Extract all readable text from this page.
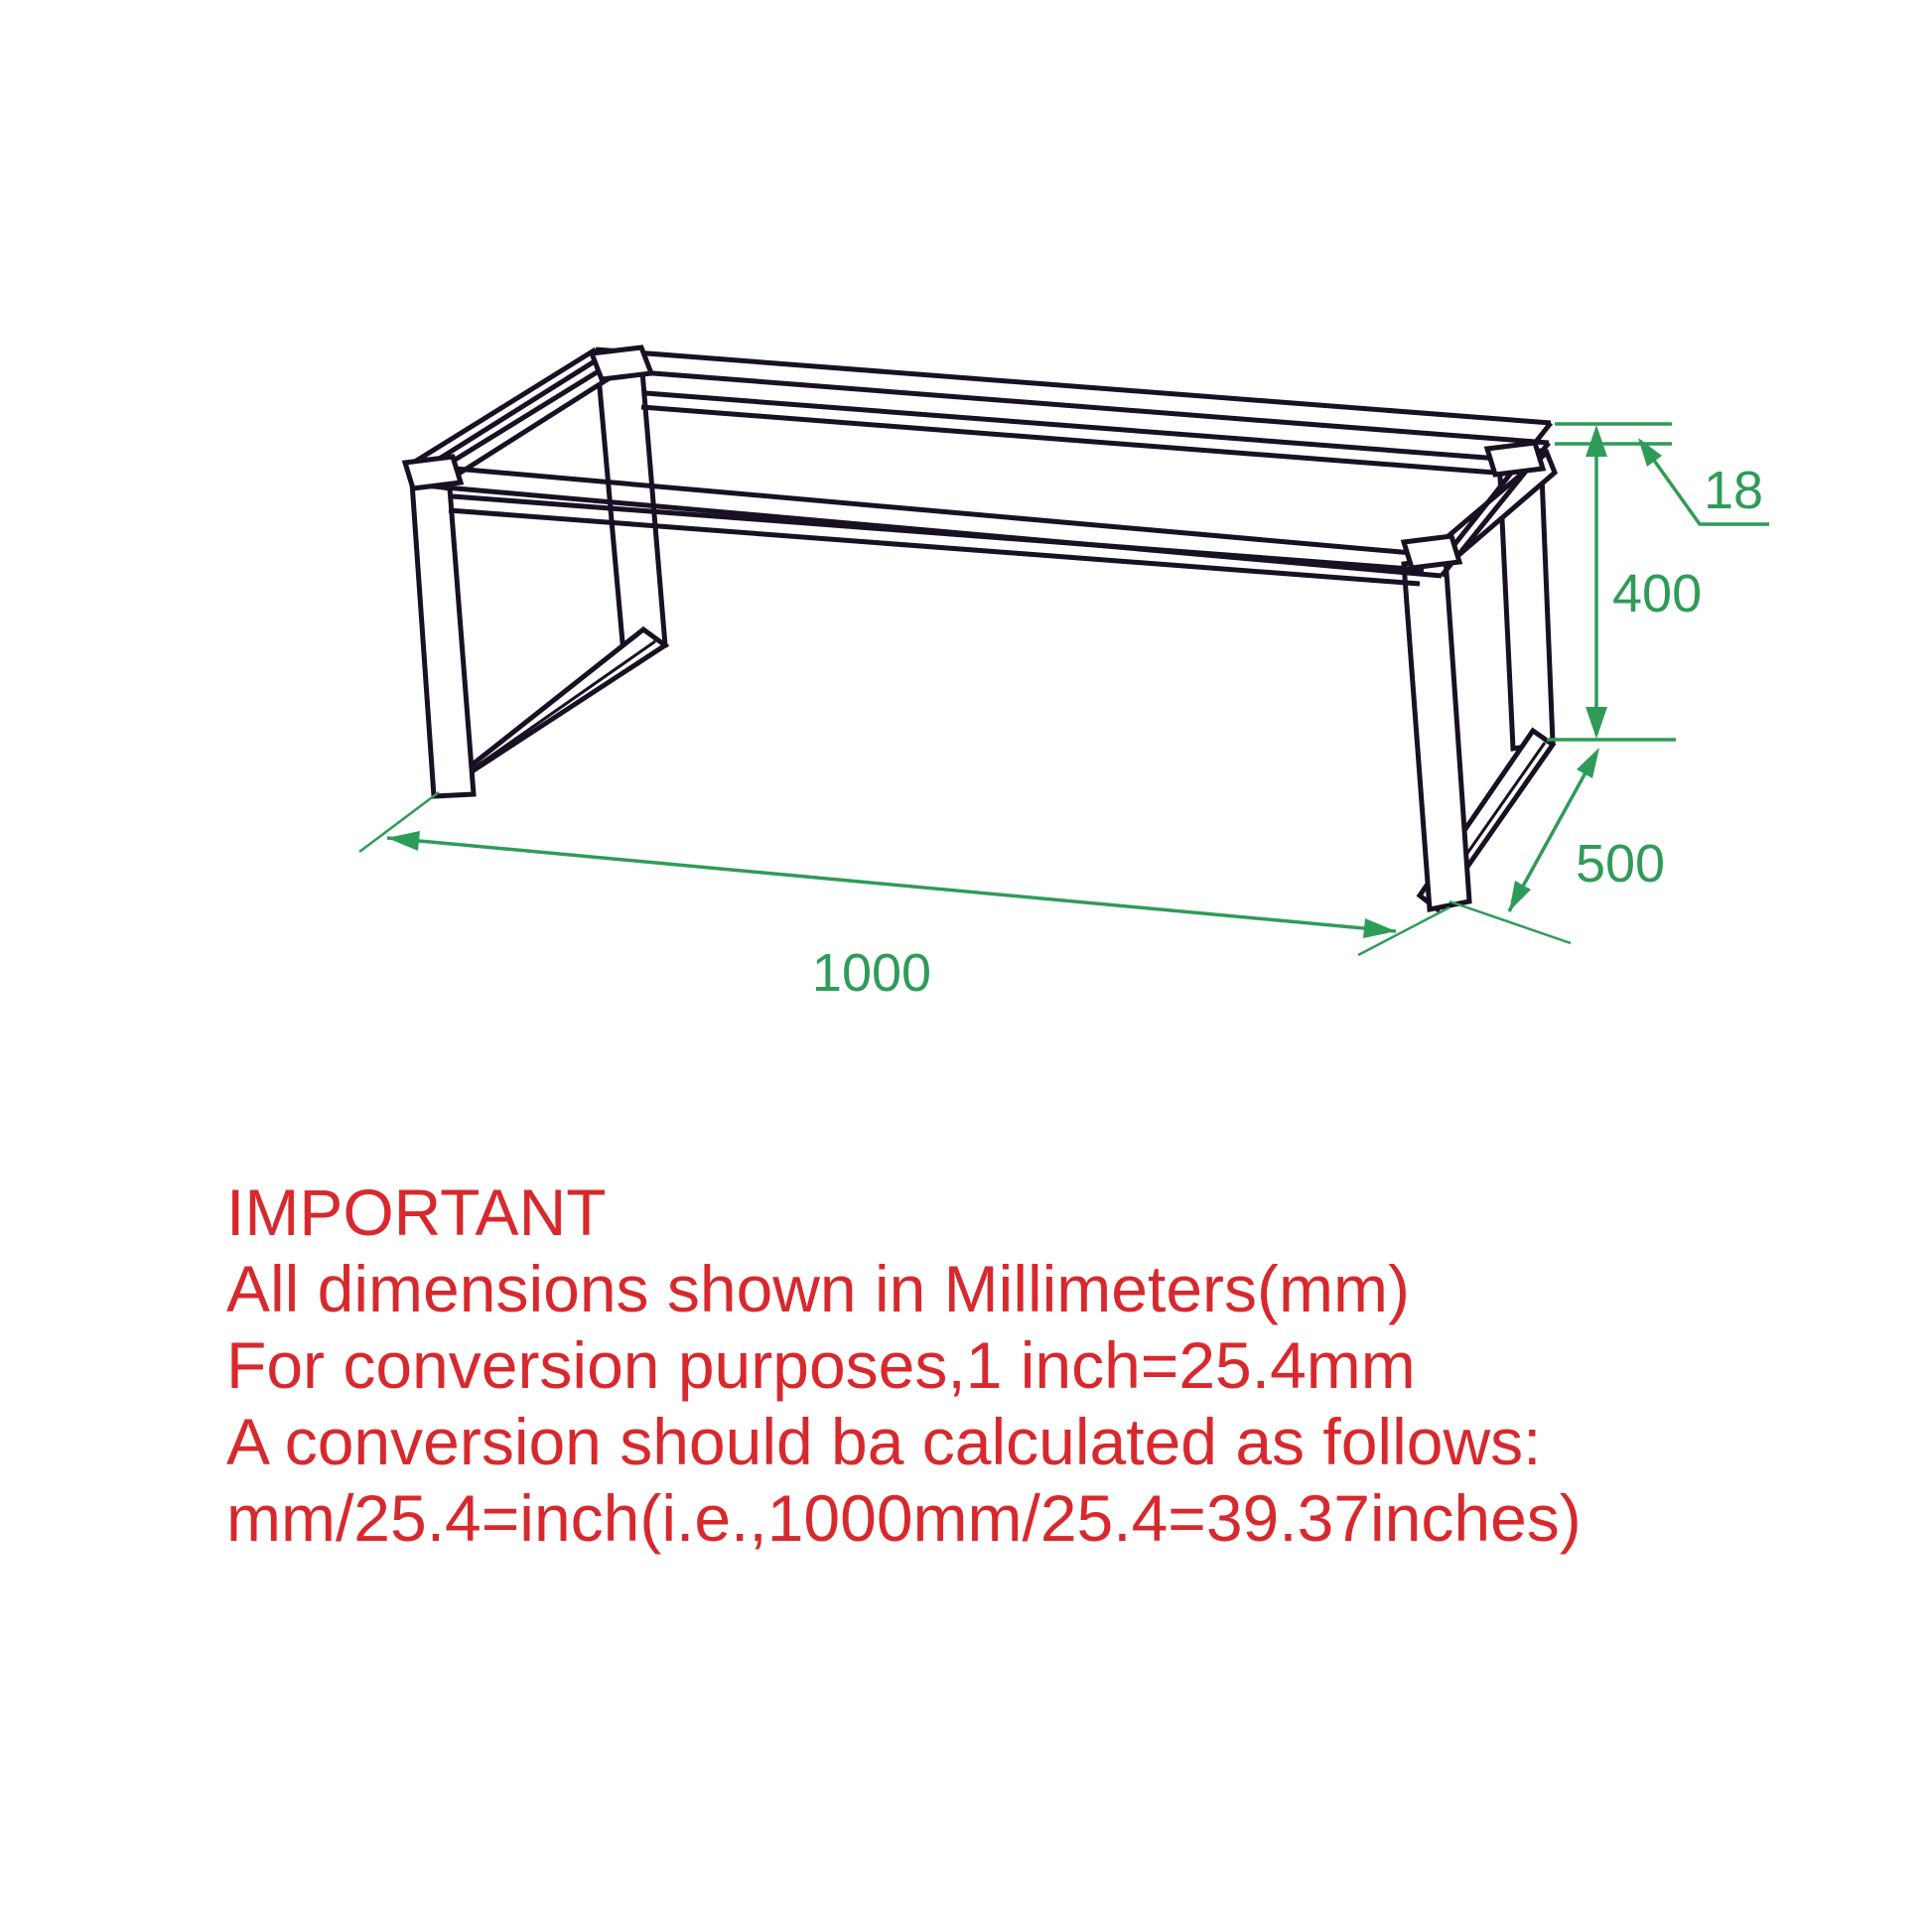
18
400
500
1000
IMPORTANT
All dimensions shown in Millimeters(mm)
For conversion purposes,1 inch=25.4mm
A conversion should ba calculated as follows:
mm/25.4=inch(i.e.,1000mm/25.4=39.37inches)
